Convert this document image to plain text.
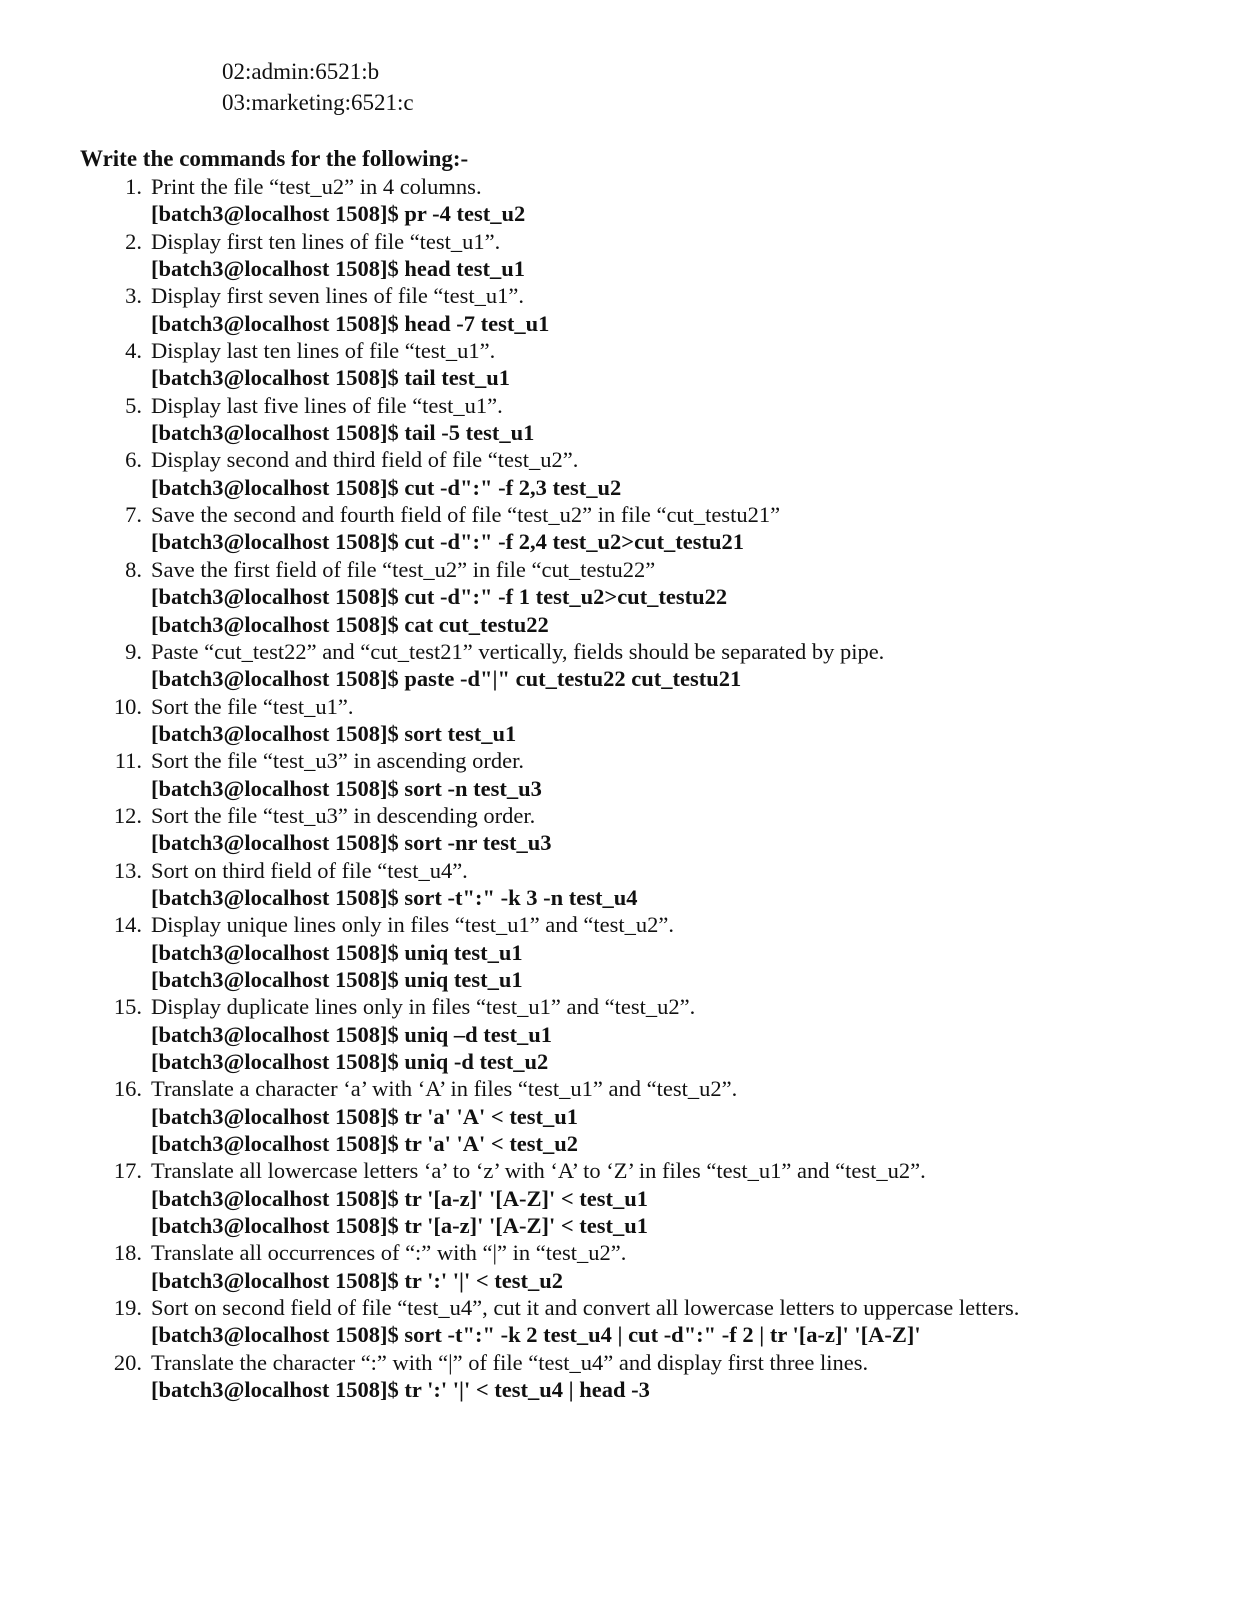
02:admin:6521:b
03:marketing:6521:c
Write the commands for the following:-
1. Print the file “test_u2” in 4 columns.
[batch3@localhost 1508]$ pr -4 test_u2
2. Display first ten lines of file “test_u1”.
[batch3@localhost 1508]$ head test_u1
3. Display first seven lines of file “test_u1”.
[batch3@localhost 1508]$ head -7 test_u1
4. Display last ten lines of file “test_u1”.
[batch3@localhost 1508]$ tail test_u1
5. Display last five lines of file “test_u1”.
[batch3@localhost 1508]$ tail -5 test_u1
6. Display second and third field of file “test_u2”.
[batch3@localhost 1508]$ cut -d":" -f 2,3 test_u2
7. Save the second and fourth field of file “test_u2” in file “cut_testu21”
[batch3@localhost 1508]$ cut -d":" -f 2,4 test_u2>cut_testu21
8. Save the first field of file “test_u2” in file “cut_testu22”
[batch3@localhost 1508]$ cut -d":" -f 1 test_u2>cut_testu22
[batch3@localhost 1508]$ cat cut_testu22
9. Paste “cut_test22” and “cut_test21” vertically, fields should be separated by pipe.
[batch3@localhost 1508]$ paste -d"|" cut_testu22 cut_testu21
10. Sort the file “test_u1”.
[batch3@localhost 1508]$ sort test_u1
11. Sort the file “test_u3” in ascending order.
[batch3@localhost 1508]$ sort -n test_u3
12. Sort the file “test_u3” in descending order.
[batch3@localhost 1508]$ sort -nr test_u3
13. Sort on third field of file “test_u4”.
[batch3@localhost 1508]$ sort -t":" -k 3 -n test_u4
14. Display unique lines only in files “test_u1” and “test_u2”.
[batch3@localhost 1508]$ uniq test_u1
[batch3@localhost 1508]$ uniq test_u1
15. Display duplicate lines only in files “test_u1” and “test_u2”.
[batch3@localhost 1508]$ uniq –d test_u1
[batch3@localhost 1508]$ uniq -d test_u2
16. Translate a character ‘a’ with ‘A’ in files “test_u1” and “test_u2”.
[batch3@localhost 1508]$ tr 'a' 'A' < test_u1
[batch3@localhost 1508]$ tr 'a' 'A' < test_u2
17. Translate all lowercase letters ‘a’ to ‘z’ with ‘A’ to ‘Z’ in files “test_u1” and “test_u2”.
[batch3@localhost 1508]$ tr '[a-z]' '[A-Z]' < test_u1
[batch3@localhost 1508]$ tr '[a-z]' '[A-Z]' < test_u1
18. Translate all occurrences of “:” with “|” in “test_u2”.
[batch3@localhost 1508]$ tr ':' '|' < test_u2
19. Sort on second field of file “test_u4”, cut it and convert all lowercase letters to uppercase letters.
[batch3@localhost 1508]$ sort -t":" -k 2 test_u4 | cut -d":" -f 2 | tr '[a-z]' '[A-Z]'
20. Translate the character “:” with “|” of file “test_u4” and display first three lines.
[batch3@localhost 1508]$ tr ':' '|' < test_u4 | head -3
